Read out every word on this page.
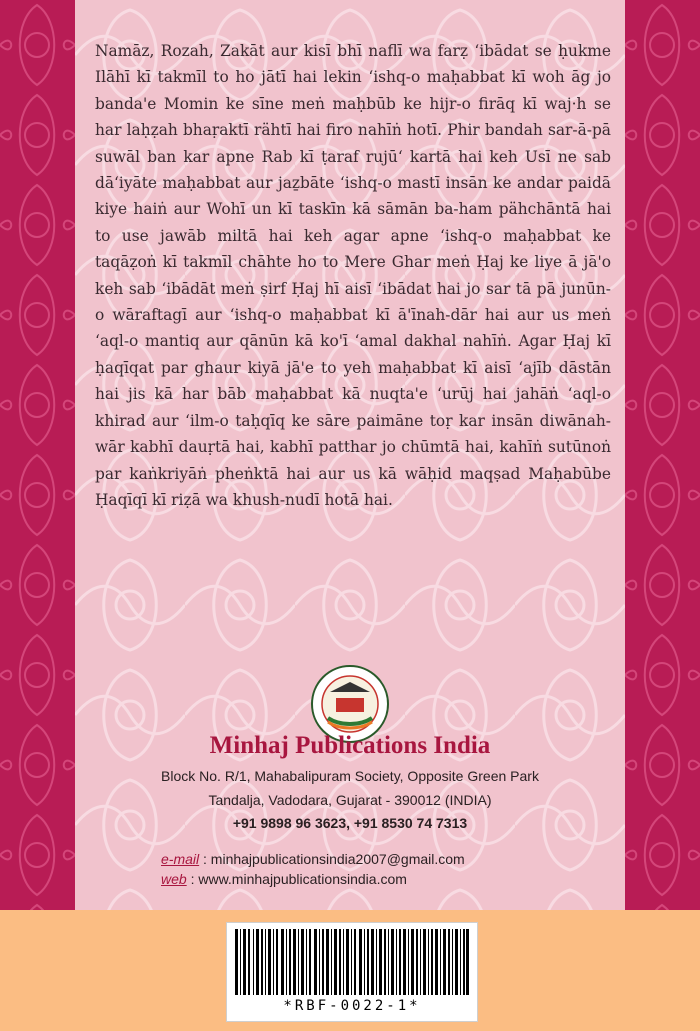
Namāz, Rozah, Zakāt aur kisī bhī naflī wa farẓ ‘ibādat se ḥukme Ilāhī kī takmīl to ho jātī hai lekin ‘ishq-o maḥabbat kī woh āg jo banda'e Momin ke sīne meṅ maḥbūb ke hijr-o firāq kī waj·h se har laḥẓah bhaṛaktī rähtī hai firo nahīṅ hotī. Phir bandah sar-ā-pā suwāl ban kar apne Rab kī ṭaraf rujū‘ kartā hai keh Usī ne sab dā‘iyāte maḥabbat aur jaẕbāte ‘ishq-o mastī insān ke andar paidā kiye haiṅ aur Wohī un kī taskīn kā sāmān ba-ham pähchāntā hai to use jawāb miltā hai keh agar apne ‘ishq-o maḥabbat ke taqāẓoṅ kī takmīl chāhte ho to Mere Ghar meṅ Ḥaj ke liye ā jā'o keh sab ‘ibādāt meṅ ṣirf Ḥaj hī aisī ‘ibādat hai jo sar tā pā junūn-o wāraftagī aur ‘ishq-o maḥabbat kī ā'īnah-dār hai aur us meṅ ‘aql-o mantiq aur qānūn kā ko'ī ‘amal dakhal nahīṅ. Agar Ḥaj kī ḥaqīqat par ghaur kiyā jā'e to yeh maḥabbat kī aisī ‘ajīb dāstān hai jis kā har bāb maḥabbat kā nuqta'e ‘urūj hai jahāṅ ‘aql-o khirad aur ‘ilm-o taḥqīq ke sāre paimāne toṛ kar insān diwānah-wār kabhī dauṛtā hai, kabhī patthar jo chūmtā hai, kahīṅ sutūnoṅ par kaṅkriyāṅ pheṅktā hai aur us kā wāḥid maqṣad Maḥabūbe Ḥaqīqī kī riẓā wa khush-nudī hotā hai.
Minhaj Publications India
Block No. R/1, Mahabalipuram Society, Opposite Green Park
Tandalja, Vadodara, Gujarat - 390012 (INDIA)
+91 9898 96 3623, +91 8530 74 7313
e-mail : minhajpublicationsindia2007@gmail.com
web : www.minhajpublicationsindia.com
*RBF-0022-1*
